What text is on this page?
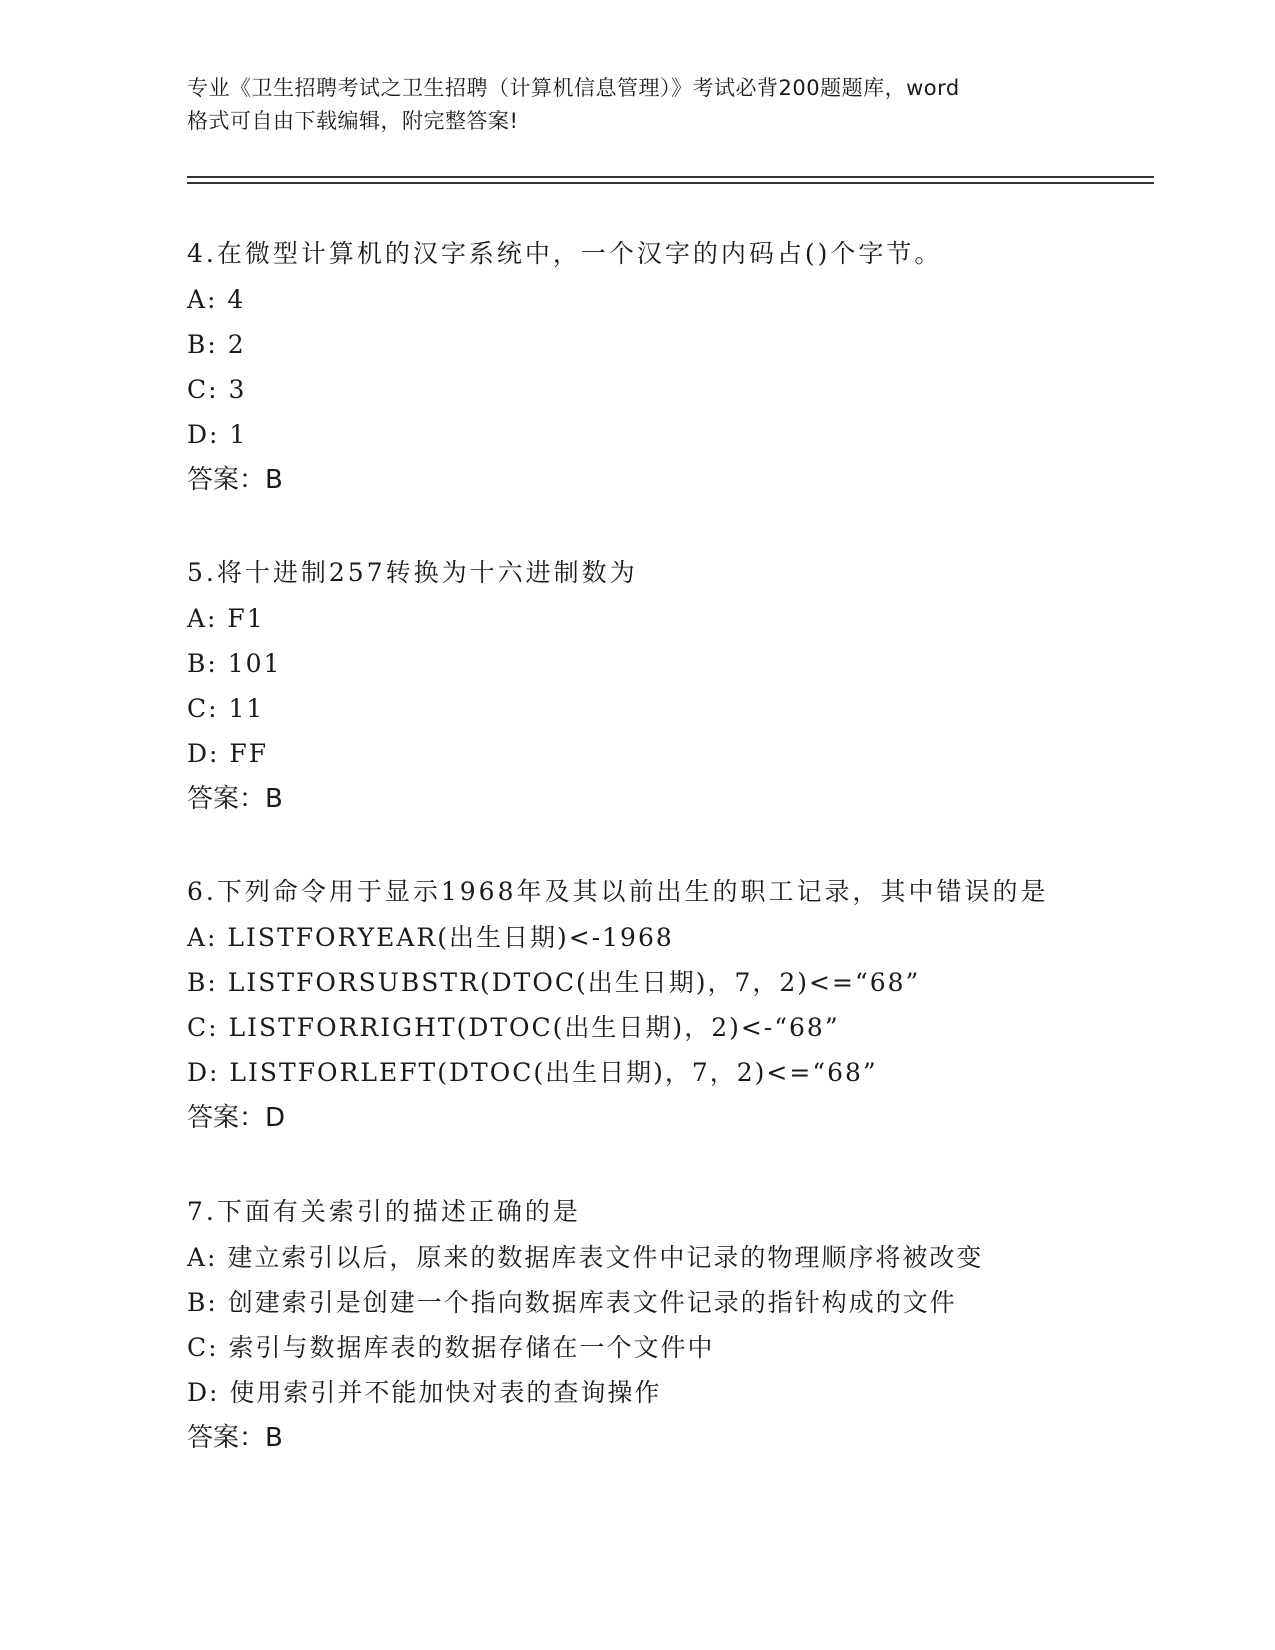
专业《卫生招聘考试之卫生招聘（计算机信息管理）》考试必背200题题库，word
格式可自由下载编辑，附完整答案!
4.在微型计算机的汉字系统中，一个汉字的内码占()个字节。
A: 4
B: 2
C: 3
D: 1
答案：B
5.将十进制257转换为十六进制数为
A: F1
B: 101
C: 11
D: FF
答案：B
6.下列命令用于显示1968年及其以前出生的职工记录，其中错误的是
A: LISTFORYEAR(出生日期)<-1968
B: LISTFORSUBSTR(DTOC(出生日期)，7，2)<=“68”
C: LISTFORRIGHT(DTOC(出生日期)，2)<-“68”
D: LISTFORLEFT(DTOC(出生日期)，7，2)<=“68”
答案：D
7.下面有关索引的描述正确的是
A: 建立索引以后，原来的数据库表文件中记录的物理顺序将被改变
B: 创建索引是创建一个指向数据库表文件记录的指针构成的文件
C: 索引与数据库表的数据存储在一个文件中
D: 使用索引并不能加快对表的查询操作
答案：B
